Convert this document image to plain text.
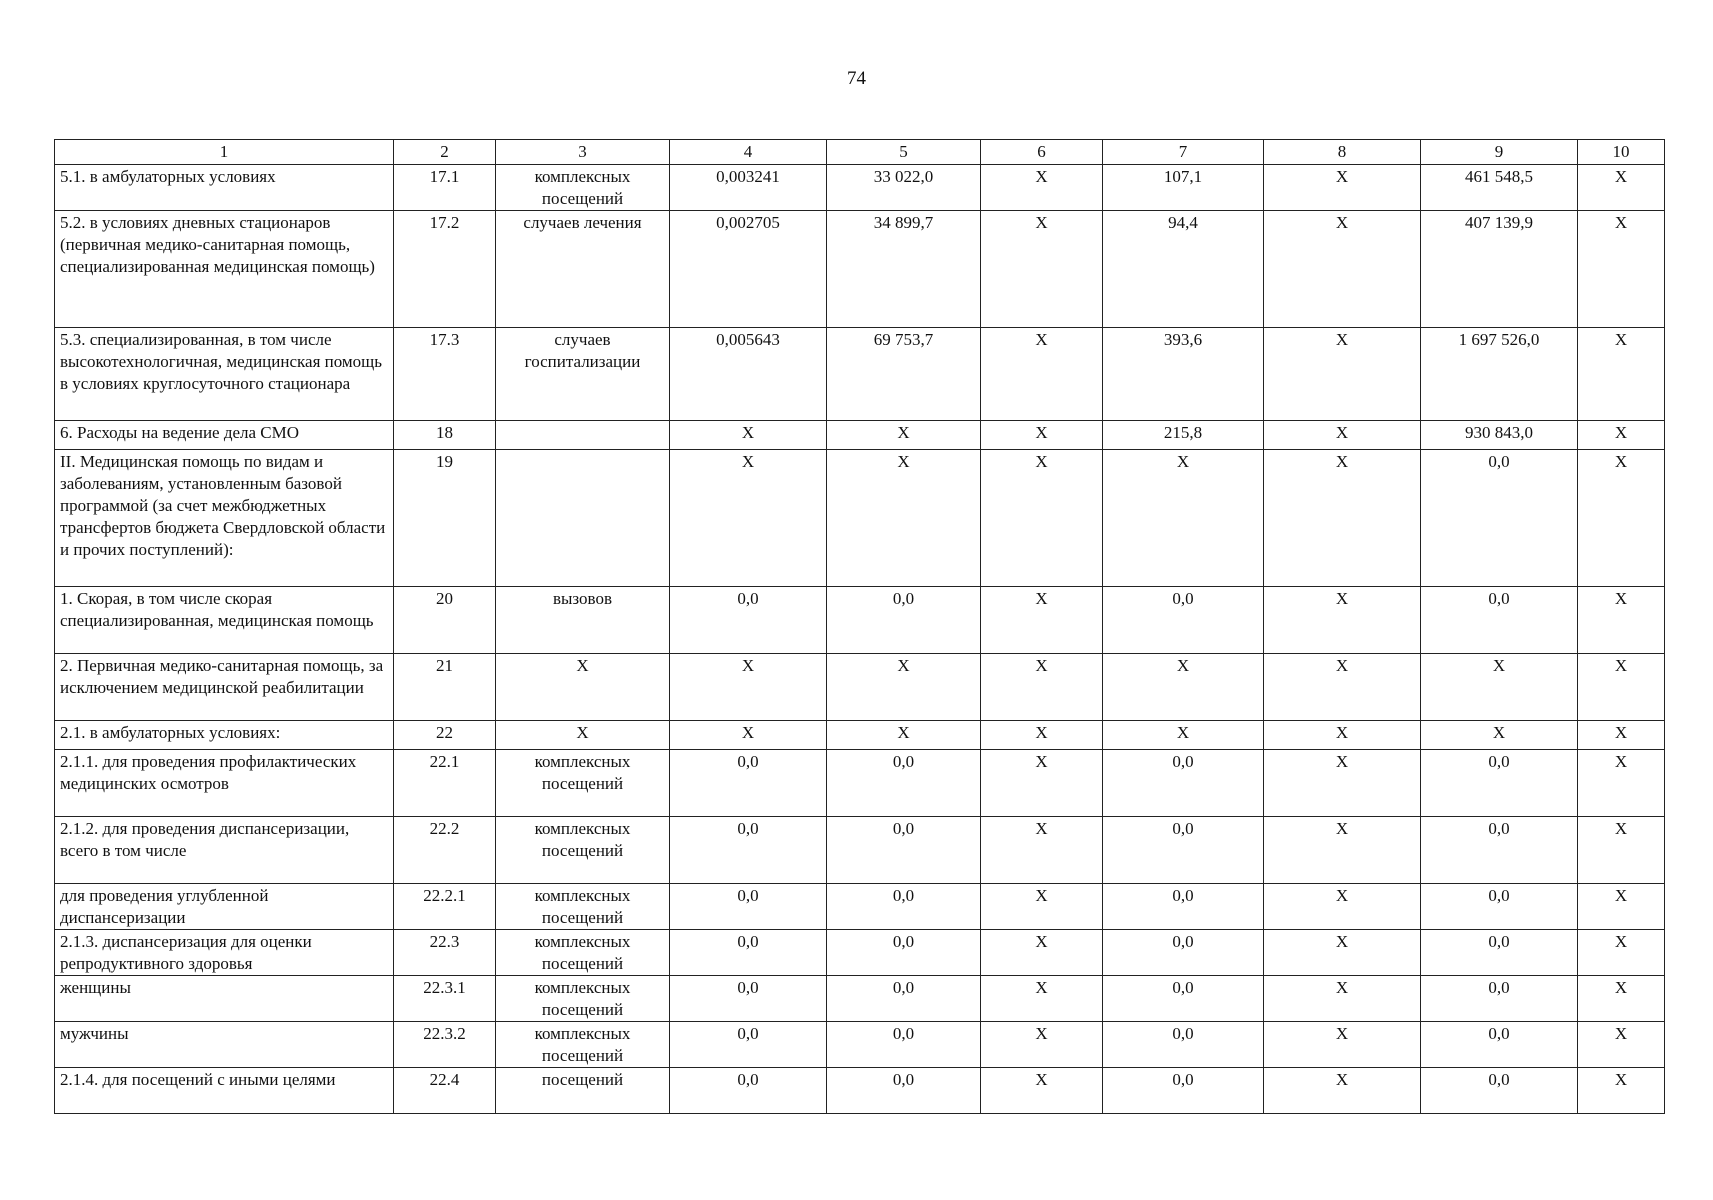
74
1	2	3	4	5	6	7	8	9	10
5.1. в амбулаторных условиях	17.1	комплексных посещений	0,003241	33 022,0	X	107,1	X	461 548,5	X
5.2. в условиях дневных стационаров (первичная медико-санитарная помощь, специализированная медицинская помощь)	17.2	случаев лечения	0,002705	34 899,7	X	94,4	X	407 139,9	X
5.3. специализированная, в том числе высокотехнологичная, медицинская помощь в условиях круглосуточного стационара	17.3	случаев госпитализации	0,005643	69 753,7	X	393,6	X	1 697 526,0	X
6. Расходы на ведение дела СМО	18		X	X	X	215,8	X	930 843,0	X
II. Медицинская помощь по видам и заболеваниям, установленным базовой программой (за счет межбюджетных трансфертов бюджета Свердловской области и прочих поступлений):	19		X	X	X	X	X	0,0	X
1. Скорая, в том числе скорая специализированная, медицинская помощь	20	вызовов	0,0	0,0	X	0,0	X	0,0	X
2. Первичная медико-санитарная помощь, за исключением медицинской реабилитации	21	X	X	X	X	X	X	X	X
2.1. в амбулаторных условиях:	22	X	X	X	X	X	X	X	X
2.1.1. для проведения профилактических медицинских осмотров	22.1	комплексных посещений	0,0	0,0	X	0,0	X	0,0	X
2.1.2. для проведения диспансеризации, всего в том числе	22.2	комплексных посещений	0,0	0,0	X	0,0	X	0,0	X
для проведения углубленной диспансеризации	22.2.1	комплексных посещений	0,0	0,0	X	0,0	X	0,0	X
2.1.3. диспансеризация для оценки репродуктивного здоровья	22.3	комплексных посещений	0,0	0,0	X	0,0	X	0,0	X
женщины	22.3.1	комплексных посещений	0,0	0,0	X	0,0	X	0,0	X
мужчины	22.3.2	комплексных посещений	0,0	0,0	X	0,0	X	0,0	X
2.1.4. для посещений с иными целями	22.4	посещений	0,0	0,0	X	0,0	X	0,0	X
